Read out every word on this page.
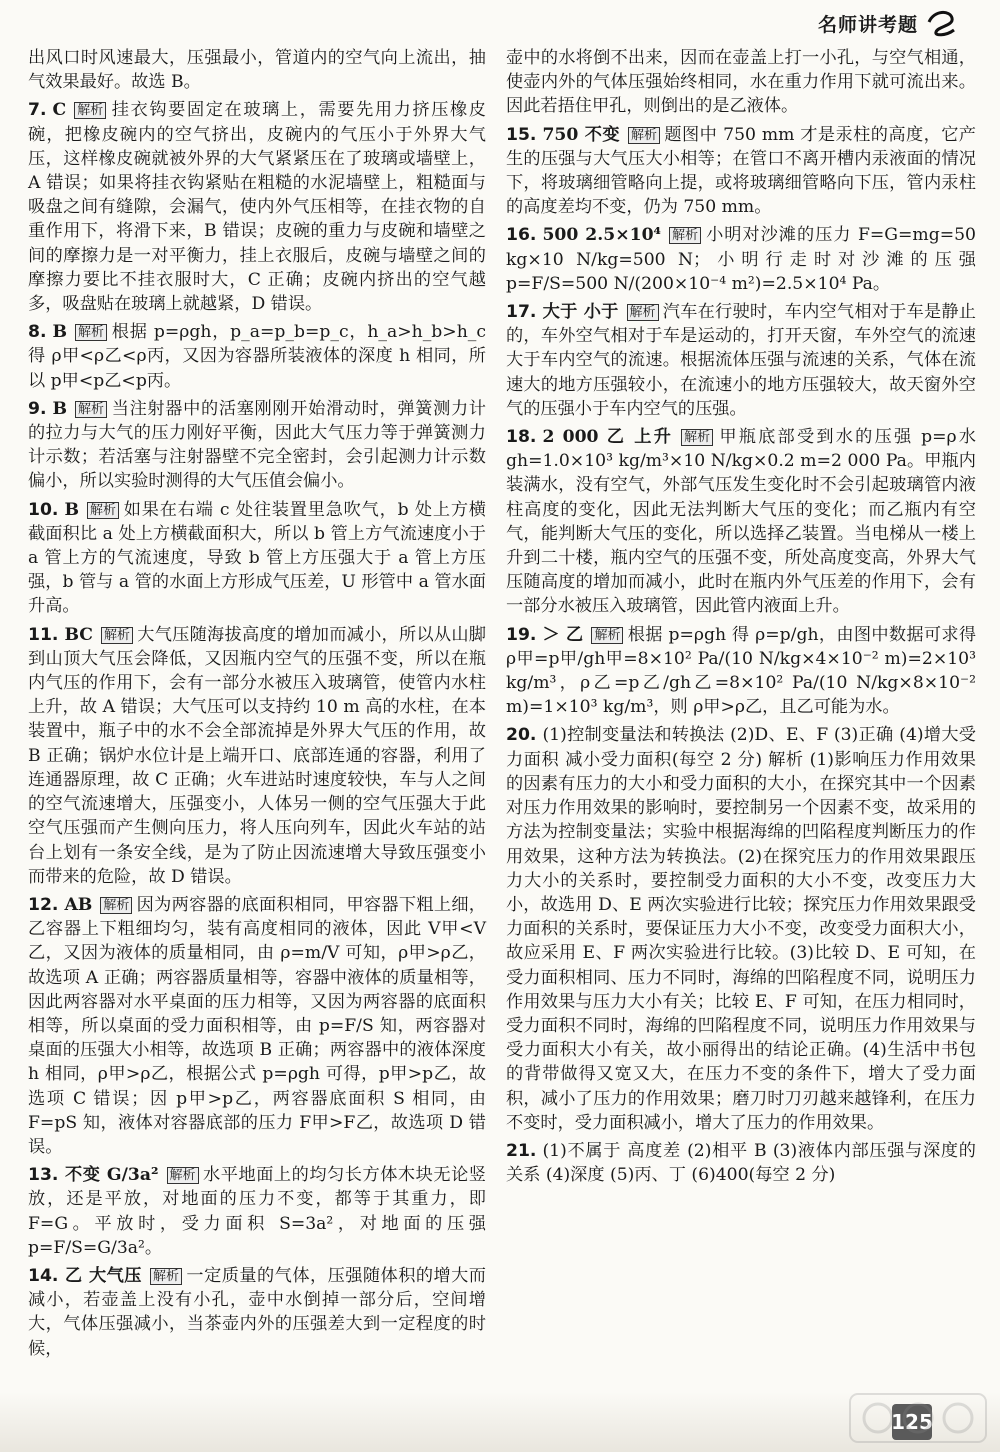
名师讲考题
出风口时风速最大，压强最小，管道内的空气向上流出，抽气效果最好。故选 B。
7. C 解析 挂衣钩要固定在玻璃上，需要先用力挤压橡皮碗，把橡皮碗内的空气挤出，皮碗内的气压小于外界大气压，这样橡皮碗就被外界的大气紧紧压在了玻璃或墙壁上，A 错误；如果将挂衣钩紧贴在粗糙的水泥墙壁上，粗糙面与吸盘之间有缝隙，会漏气，使内外气压相等，在挂衣物的自重作用下，将滑下来，B 错误；皮碗的重力与皮碗和墙壁之间的摩擦力是一对平衡力，挂上衣服后，皮碗与墙壁之间的摩擦力要比不挂衣服时大，C 正确；皮碗内挤出的空气越多，吸盘贴在玻璃上就越紧，D 错误。
8. B 解析 根据 p=ρgh，p_a=p_b=p_c，h_a>h_b>h_c 得 ρ甲<ρ乙<ρ丙，又因为容器所装液体的深度 h 相同，所以 p甲<p乙<p丙。
9. B 解析 当注射器中的活塞刚刚开始滑动时，弹簧测力计的拉力与大气的压力刚好平衡，因此大气压力等于弹簧测力计示数；若活塞与注射器壁不完全密封，会引起测力计示数偏小，所以实验时测得的大气压值会偏小。
10. B 解析 如果在右端 c 处往装置里急吹气，b 处上方横截面积比 a 处上方横截面积大，所以 b 管上方气流速度小于 a 管上方的气流速度，导致 b 管上方压强大于 a 管上方压强，b 管与 a 管的水面上方形成气压差，U 形管中 a 管水面升高。
11. BC 解析 大气压随海拔高度的增加而减小，所以从山脚到山顶大气压会降低，又因瓶内空气的压强不变，所以在瓶内气压的作用下，会有一部分水被压入玻璃管，使管内水柱上升，故 A 错误；大气压可以支持约 10 m 高的水柱，在本装置中，瓶子中的水不会全部流掉是外界大气压的作用，故 B 正确；锅炉水位计是上端开口、底部连通的容器，利用了连通器原理，故 C 正确；火车进站时速度较快，车与人之间的空气流速增大，压强变小，人体另一侧的空气压强大于此空气压强而产生侧向压力，将人压向列车，因此火车站的站台上划有一条安全线，是为了防止因流速增大导致压强变小而带来的危险，故 D 错误。
12. AB 解析 因为两容器的底面积相同，甲容器下粗上细，乙容器上下粗细均匀，装有高度相同的液体，因此 V甲<V乙，又因为液体的质量相同，由 ρ=m/V 可知，ρ甲>ρ乙，故选项 A 正确；两容器质量相等，容器中液体的质量相等，因此两容器对水平桌面的压力相等，又因为两容器的底面积相等，所以桌面的受力面积相等，由 p=F/S 知，两容器对桌面的压强大小相等，故选项 B 正确；两容器中的液体深度 h 相同，ρ甲>ρ乙，根据公式 p=ρgh 可得，p甲>p乙，故选项 C 错误；因 p甲>p乙，两容器底面积 S 相同，由 F=pS 知，液体对容器底部的压力 F甲>F乙，故选项 D 错误。
13. 不变 G/3a² 解析 水平地面上的均匀长方体木块无论竖放，还是平放，对地面的压力不变，都等于其重力，即 F=G。平放时，受力面积 S=3a²，对地面的压强 p=F/S=G/3a²。
14. 乙 大气压 解析 一定质量的气体，压强随体积的增大而减小，若壶盖上没有小孔，壶中水倒掉一部分后，空间增大，气体压强减小，当茶壶内外的压强差大到一定程度的时候，
壶中的水将倒不出来，因而在壶盖上打一小孔，与空气相通，使壶内外的气体压强始终相同，水在重力作用下就可流出来。因此若捂住甲孔，则倒出的是乙液体。
15. 750 不变 解析 题图中 750 mm 才是汞柱的高度，它产生的压强与大气压大小相等；在管口不离开槽内汞液面的情况下，将玻璃细管略向上提，或将玻璃细管略向下压，管内汞柱的高度差均不变，仍为 750 mm。
16. 500 2.5×10⁴ 解析 小明对沙滩的压力 F=G=mg=50 kg×10 N/kg=500 N；小明行走时对沙滩的压强 p=F/S=500 N/(200×10⁻⁴ m²)=2.5×10⁴ Pa。
17. 大于 小于 解析 汽车在行驶时，车内空气相对于车是静止的，车外空气相对于车是运动的，打开天窗，车外空气的流速大于车内空气的流速。根据流体压强与流速的关系，气体在流速大的地方压强较小，在流速小的地方压强较大，故天窗外空气的压强小于车内空气的压强。
18. 2 000 乙 上升 解析 甲瓶底部受到水的压强 p=ρ水gh=1.0×10³ kg/m³×10 N/kg×0.2 m=2 000 Pa。甲瓶内装满水，没有空气，外部气压发生变化时不会引起玻璃管内液柱高度的变化，因此无法判断大气压的变化；而乙瓶内有空气，能判断大气压的变化，所以选择乙装置。当电梯从一楼上升到二十楼，瓶内空气的压强不变，所处高度变高，外界大气压随高度的增加而减小，此时在瓶内外气压差的作用下，会有一部分水被压入玻璃管，因此管内液面上升。
19. ＞ 乙 解析 根据 p=ρgh 得 ρ=p/gh，由图中数据可求得 ρ甲=p甲/gh甲=8×10² Pa/(10 N/kg×4×10⁻² m)=2×10³ kg/m³，ρ乙=p乙/gh乙=8×10² Pa/(10 N/kg×8×10⁻² m)=1×10³ kg/m³，则 ρ甲>ρ乙，且乙可能为水。
20. (1)控制变量法和转换法 (2)D、E、F (3)正确 (4)增大受力面积 减小受力面积(每空 2 分) 解析 (1)影响压力作用效果的因素有压力的大小和受力面积的大小，在探究其中一个因素对压力作用效果的影响时，要控制另一个因素不变，故采用的方法为控制变量法；实验中根据海绵的凹陷程度判断压力的作用效果，这种方法为转换法。(2)在探究压力的作用效果跟压力大小的关系时，要控制受力面积的大小不变，改变压力大小，故选用 D、E 两次实验进行比较；探究压力作用效果跟受力面积的关系时，要保证压力大小不变，改变受力面积大小，故应采用 E、F 两次实验进行比较。(3)比较 D、E 可知，在受力面积相同、压力不同时，海绵的凹陷程度不同，说明压力作用效果与压力大小有关；比较 E、F 可知，在压力相同时，受力面积不同时，海绵的凹陷程度不同，说明压力作用效果与受力面积大小有关，故小丽得出的结论正确。(4)生活中书包的背带做得又宽又大，在压力不变的条件下，增大了受力面积，减小了压力的作用效果；磨刀时刀刃越来越锋利，在压力不变时，受力面积减小，增大了压力的作用效果。
21. (1)不属于 高度差 (2)相平 B (3)液体内部压强与深度的关系 (4)深度 (5)丙、丁 (6)400(每空 2 分)
125
